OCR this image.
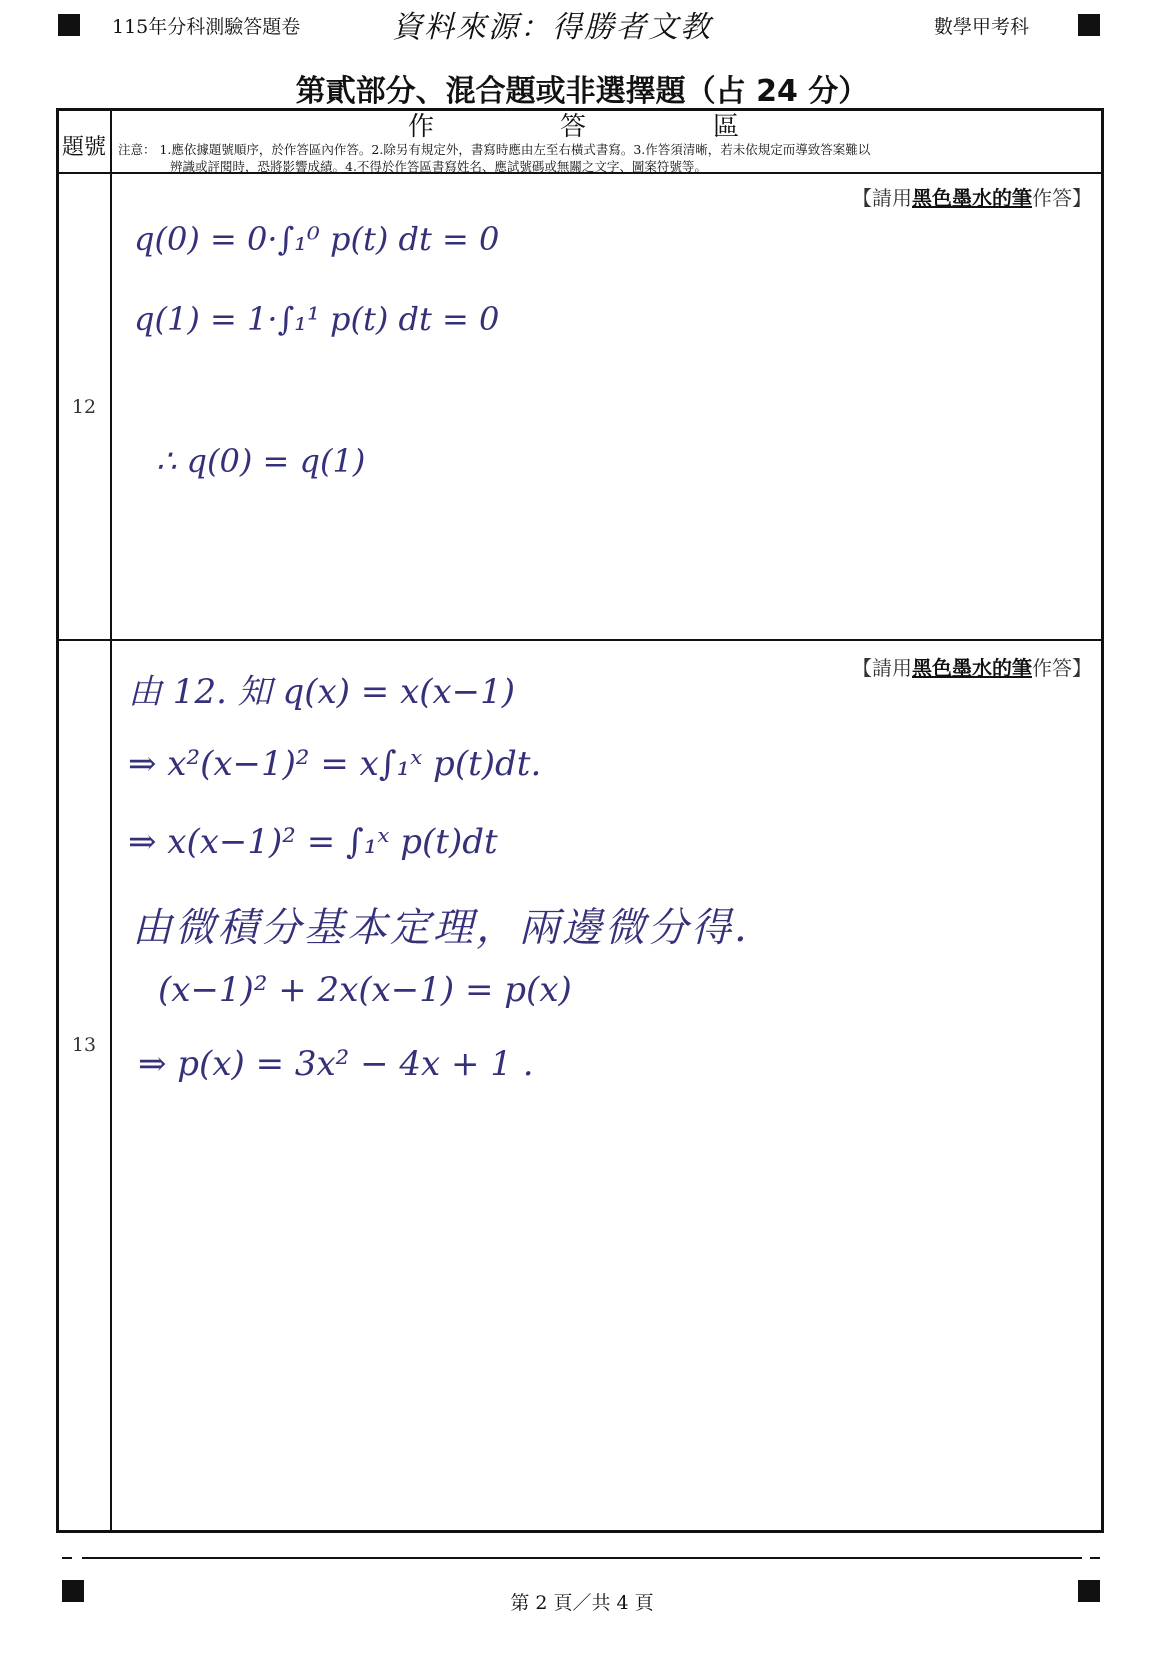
115年分科測驗答題卷	資料來源：得勝者文教	數學甲考科
第貳部分、混合題或非選擇題（占 24 分）
題號
作	答	區
注意： 1.應依據題號順序，於作答區內作答。2.除另有規定外，書寫時應由左至右橫式書寫。3.作答須清晰，若未依規定而導致答案難以
辨識或評閱時，恐將影響成績。4.不得於作答區書寫姓名、應試號碼或無關之文字、圖案符號等。
12
【請用黑色墨水的筆作答】
q(0) = 0·∫₁⁰ p(t) dt = 0
q(1) = 1·∫₁¹ p(t) dt = 0
∴ q(0) = q(1)
13
【請用黑色墨水的筆作答】
由 12. 知 q(x) = x(x−1)
⇒ x²(x−1)² = x∫₁ˣ p(t)dt.
⇒ x(x−1)² = ∫₁ˣ p(t)dt
由微積分基本定理，兩邊微分得.
(x−1)² + 2x(x−1) = p(x)
⇒ p(x) = 3x² − 4x + 1 .
第 2 頁／共 4 頁
